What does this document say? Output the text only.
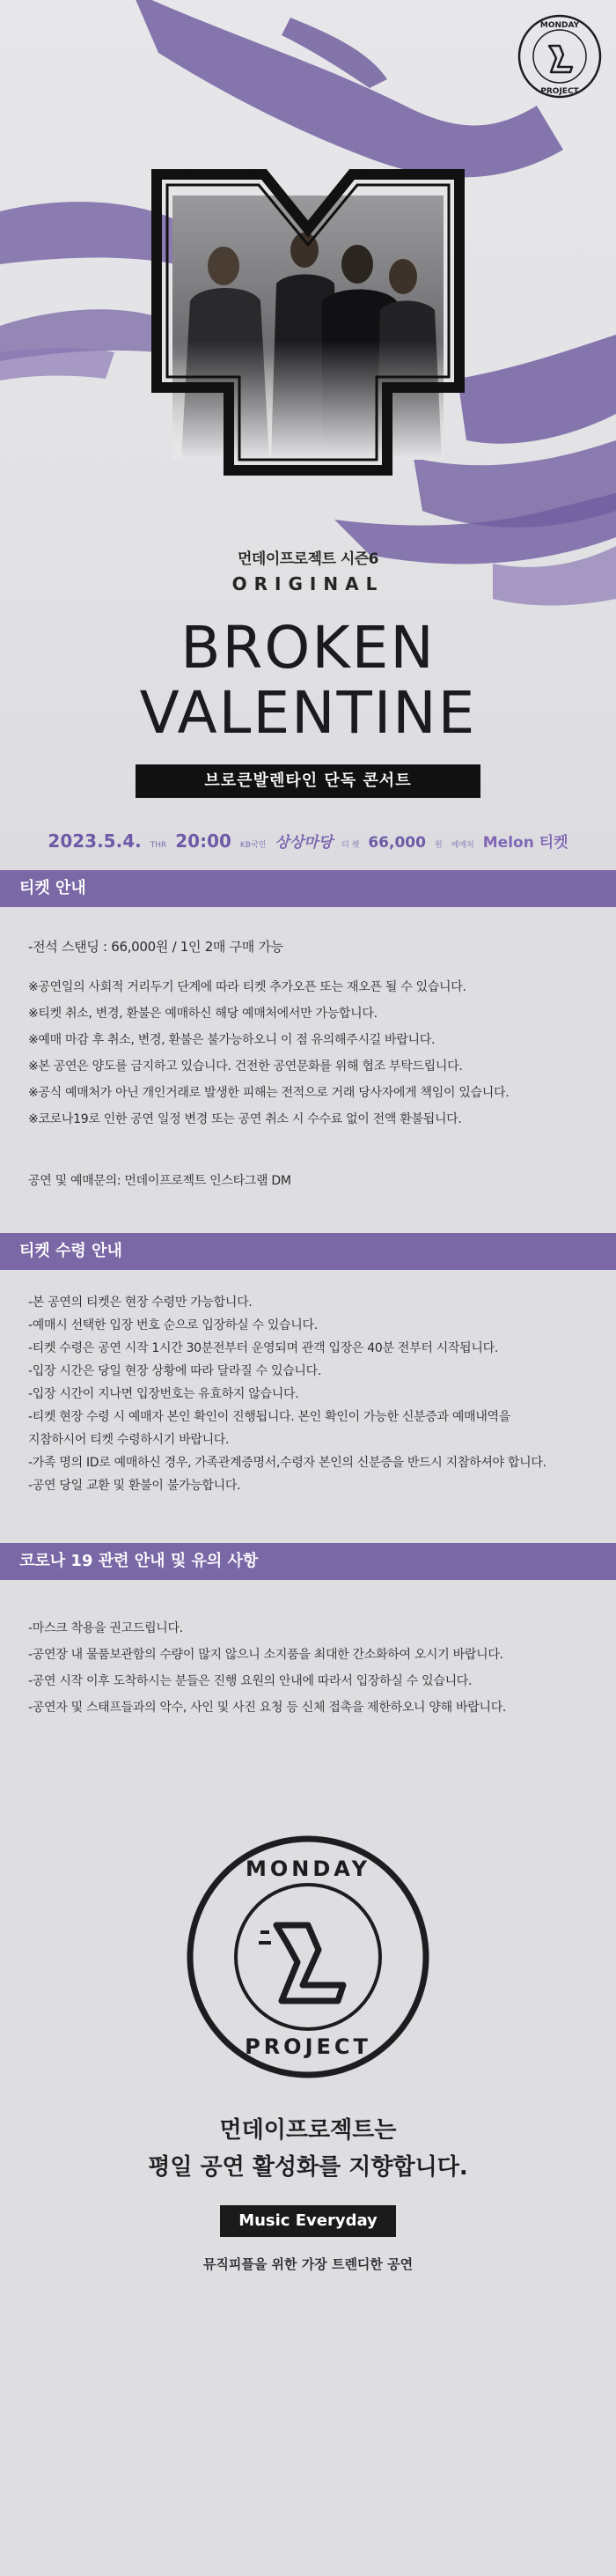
MONDAY
PROJECT
먼데이프로젝트 시즌6
ORIGINAL
BROKEN
VALENTINE
브로큰발렌타인 단독 콘서트
2023.5.4. THR 20:00 KB국민 상상마당 티 켓 66,000 원 예매처 Melon 티켓
티켓 안내
-전석 스탠딩 : 66,000원 / 1인 2매 구매 가능
※공연일의 사회적 거리두기 단계에 따라 티켓 추가오픈 또는 재오픈 될 수 있습니다.
※티켓 취소, 변경, 환불은 예매하신 해당 예매처에서만 가능합니다.
※예매 마감 후 취소, 변경, 환불은 불가능하오니 이 점 유의해주시길 바랍니다.
※본 공연은 양도를 금지하고 있습니다. 건전한 공연문화를 위해 협조 부탁드립니다.
※공식 예매처가 아닌 개인거래로 발생한 피해는 전적으로 거래 당사자에게 책임이 있습니다.
※코로나19로 인한 공연 일정 변경 또는 공연 취소 시 수수료 없이 전액 환불됩니다.
공연 및 예매문의: 먼데이프로젝트 인스타그램 DM
티켓 수령 안내
-본 공연의 티켓은 현장 수령만 가능합니다.
-예매시 선택한 입장 번호 순으로 입장하실 수 있습니다.
-티켓 수령은 공연 시작 1시간 30분전부터 운영되며 관객 입장은 40분 전부터 시작됩니다.
-입장 시간은 당일 현장 상황에 따라 달라질 수 있습니다.
-입장 시간이 지나면 입장번호는 유효하지 않습니다.
-티켓 현장 수령 시 예매자 본인 확인이 진행됩니다. 본인 확인이 가능한 신분증과 예매내역을
지참하시어 티켓 수령하시기 바랍니다.
-가족 명의 ID로 예매하신 경우, 가족관계증명서,수령자 본인의 신분증을 반드시 지참하셔야 합니다.
-공연 당일 교환 및 환불이 불가능합니다.
코로나 19 관련 안내 및 유의 사항
-마스크 착용을 권고드립니다.
-공연장 내 물품보관함의 수량이 많지 않으니 소지품을 최대한 간소화하여 오시기 바랍니다.
-공연 시작 이후 도착하시는 분들은 진행 요원의 안내에 따라서 입장하실 수 있습니다.
-공연자 및 스태프들과의 악수, 사인 및 사진 요청 등 신체 접촉을 제한하오니 양해 바랍니다.
MONDAY
PROJECT
먼데이프로젝트는
평일 공연 활성화를 지향합니다.
Music Everyday
뮤직피플을 위한 가장 트렌디한 공연
